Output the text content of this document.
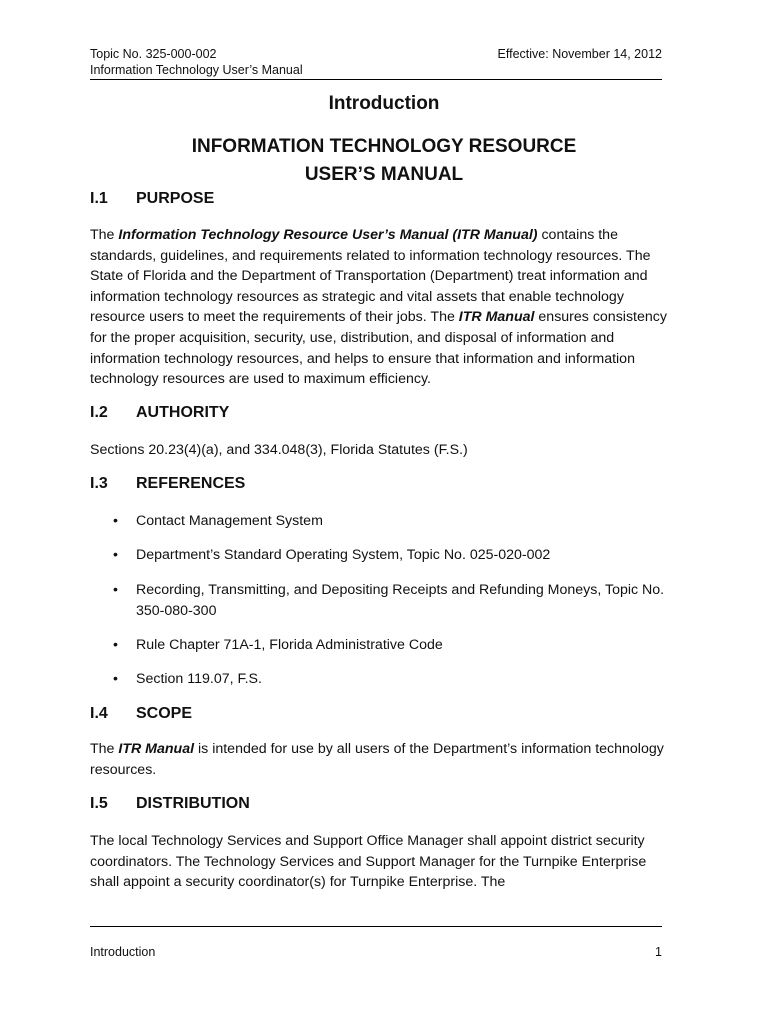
Topic No. 325-000-002
Information Technology User’s Manual
Effective: November 14, 2012
Introduction
INFORMATION TECHNOLOGY RESOURCE
USER’S MANUAL
I.1 PURPOSE
The Information Technology Resource User’s Manual (ITR Manual) contains the standards, guidelines, and requirements related to information technology resources. The State of Florida and the Department of Transportation (Department) treat information and information technology resources as strategic and vital assets that enable technology resource users to meet the requirements of their jobs. The ITR Manual ensures consistency for the proper acquisition, security, use, distribution, and disposal of information and information technology resources, and helps to ensure that information and information technology resources are used to maximum efficiency.
I.2 AUTHORITY
Sections 20.23(4)(a), and 334.048(3), Florida Statutes (F.S.)
I.3 REFERENCES
• Contact Management System
• Department’s Standard Operating System, Topic No. 025-020-002
• Recording, Transmitting, and Depositing Receipts and Refunding Moneys, Topic No. 350-080-300
• Rule Chapter 71A-1, Florida Administrative Code
• Section 119.07, F.S.
I.4 SCOPE
The ITR Manual is intended for use by all users of the Department’s information technology resources.
I.5 DISTRIBUTION
The local Technology Services and Support Office Manager shall appoint district security coordinators. The Technology Services and Support Manager for the Turnpike Enterprise shall appoint a security coordinator(s) for Turnpike Enterprise. The
Introduction	1
